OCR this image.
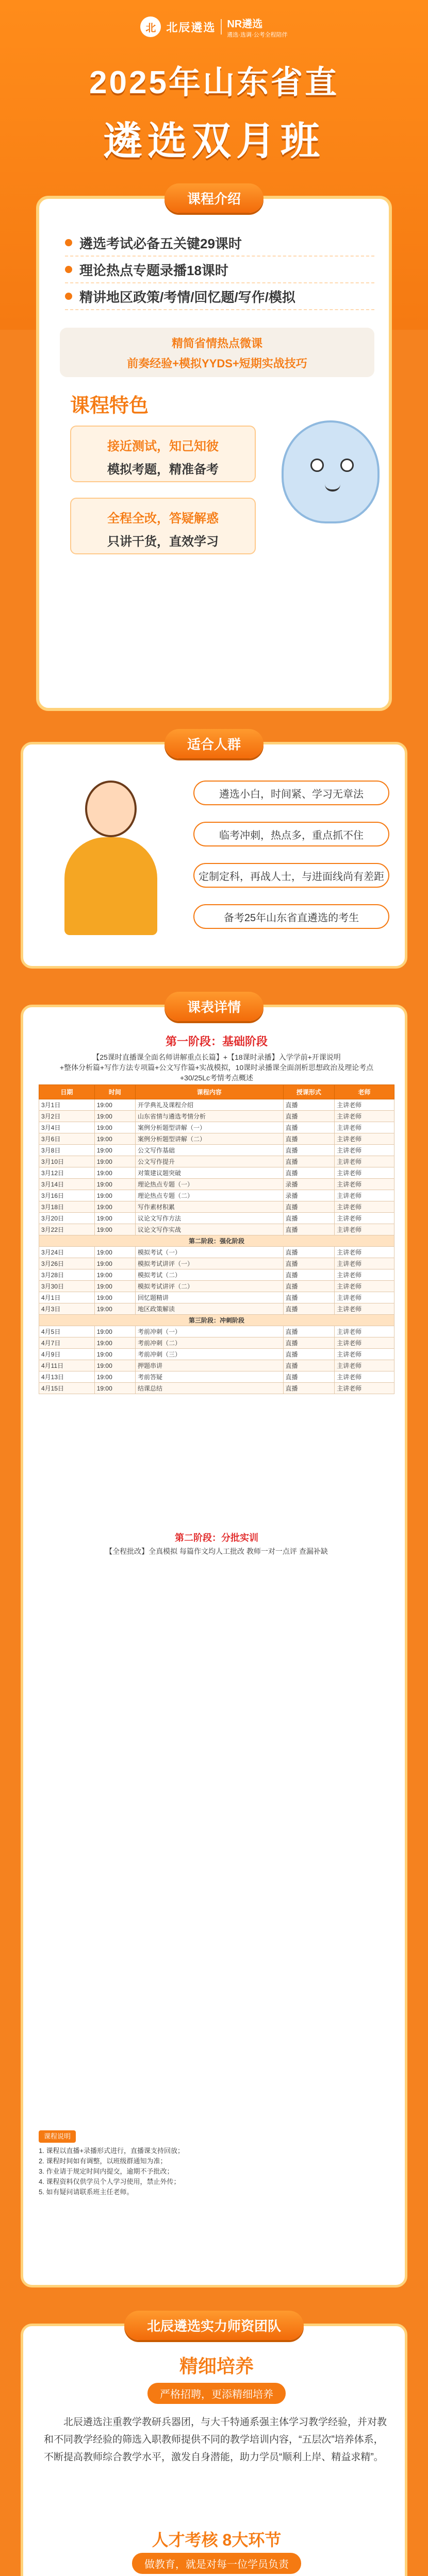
北 北辰遴选 NR遴选
遴选·选调·公考全程陪伴
2025年山东省直
遴选双月班
课程介绍
遴选考试必备五关键29课时
理论热点专题录播18课时
精讲地区政策/考情/回忆题/写作/模拟
精简省情热点微课
前奏经验+模拟YYDS+短期实战技巧
课程特色
接近测试，知己知彼
模拟考题，精准备考
全程全改，答疑解惑
只讲干货，直效学习
适合人群
遴选小白，时间紧、学习无章法
临考冲刺，热点多，重点抓不住
定制定科，再战人士，与进面线尚有差距
备考25年山东省直遴选的考生
课表详情
第一阶段：基础阶段
【25课时直播课全面名师讲解重点长篇】+【18课时录播】入学学前+开课说明
+整体分析篇+写作方法专项篇+公文写作篇+实战模拟，10课时录播课全面剖析思想政治及理论考点
+30/25Lc考情考点概述
日期	时间	课程内容	授课形式	老师
3月1日	19:00	开学典礼及课程介绍	直播	主讲老师
3月2日	19:00	山东省情与遴选考情分析	直播	主讲老师
3月4日	19:00	案例分析题型讲解（一）	直播	主讲老师
3月6日	19:00	案例分析题型讲解（二）	直播	主讲老师
3月8日	19:00	公文写作基础	直播	主讲老师
3月10日	19:00	公文写作提升	直播	主讲老师
3月12日	19:00	对策建议题突破	直播	主讲老师
3月14日	19:00	理论热点专题（一）	录播	主讲老师
3月16日	19:00	理论热点专题（二）	录播	主讲老师
3月18日	19:00	写作素材积累	直播	主讲老师
3月20日	19:00	议论文写作方法	直播	主讲老师
3月22日	19:00	议论文写作实战	直播	主讲老师
第二阶段：强化阶段				
3月24日	19:00	模拟考试（一）	直播	主讲老师
3月26日	19:00	模拟考试讲评（一）	直播	主讲老师
3月28日	19:00	模拟考试（二）	直播	主讲老师
3月30日	19:00	模拟考试讲评（二）	直播	主讲老师
4月1日	19:00	回忆题精讲	直播	主讲老师
4月3日	19:00	地区政策解读	直播	主讲老师
第三阶段：冲刺阶段				
4月5日	19:00	考前冲刺（一）	直播	主讲老师
4月7日	19:00	考前冲刺（二）	直播	主讲老师
4月9日	19:00	考前冲刺（三）	直播	主讲老师
4月11日	19:00	押题串讲	直播	主讲老师
4月13日	19:00	考前答疑	直播	主讲老师
4月15日	19:00	结课总结	直播	主讲老师
第二阶段：分批实训
【全程批改】全真模拟 每篇作文均人工批改 教师一对一点评 查漏补缺
课程说明
1. 课程以直播+录播形式进行，直播课支持回放；
2. 课程时间如有调整，以班级群通知为准；
3. 作业请于规定时间内提交，逾期不予批改；
4. 课程资料仅供学员个人学习使用，禁止外传；
5. 如有疑问请联系班主任老师。
北辰遴选实力师资团队
精细培养
严格招聘，更添精细培养
北辰遴选注重教学教研兵器团，与大千特通系强主体学习教学经验，并对教和不同教学经验的筛选入职教师提供不同的教学培训内容，“五层次”培养体系，不断提高教师综合教学水平，激发自身潜能，助力学员“顺利上岸、精益求精”。
人才考核 8大环节
做教育，就是对每一位学员负责
